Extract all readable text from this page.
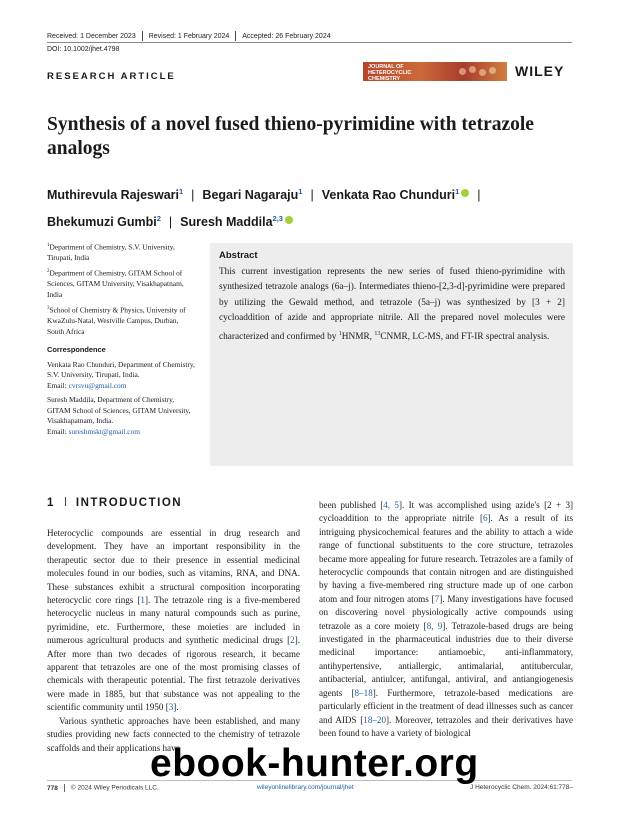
Received: 1 December 2023 Revised: 1 February 2024 Accepted: 26 February 2024
DOI: 10.1002/jhet.4798
RESEARCH ARTICLE
JOURNAL OF HETEROCYCLIC CHEMISTRY	WILEY
Synthesis of a novel fused thieno-pyrimidine with tetrazole analogs
Muthirevula Rajeswari$^1$ | Begari Nagaraju$^1$ | Venkata Rao Chunduri$^1$ |
Bhekumuzi Gumbi$^2$ | Suresh Maddila$^{2,3}$

$^1$Department of Chemistry, S.V. University, Tirupati, India

$^2$Department of Chemistry, GITAM School of Sciences, GITAM University, Visakhapatnam, India

$^3$School of Chemistry & Physics, University of KwaZulu-Natal, Westville Campus, Durban, South Africa

Correspondence

Venkata Rao Chunduri, Department of Chemistry, S.V. University, Tirupati, India.
Email: cvrsvu@gmail.com

Suresh Maddila, Department of Chemistry, GITAM School of Sciences, GITAM University, Visakhapatnam, India.
Email: sureshmskt@gmail.com

Abstract
This current investigation represents the new series of fused thieno-pyrimidine with synthesized tetrazole analogs (6a–j). Intermediates thieno-[2,3-d]-pyrimidine were prepared by utilizing the Gewald method, and tetrazole (5a–j) was synthesized by [3 + 2] cycloaddition of azide and appropriate nitrile. All the prepared novel molecules were characterized and confirmed by $^1$HNMR, $^{13}$CNMR, LC-MS, and FT-IR spectral analysis.
1 INTRODUCTION

Heterocyclic compounds are essential in drug research and development. They have an important responsibility in the therapeutic sector due to their presence in essential medicinal molecules found in our bodies, such as vitamins, RNA, and DNA. These substances exhibit a structural composition incorporating heterocyclic core rings [1]. The tetrazole ring is a five-membered heterocyclic nucleus in many natural compounds such as purine, pyrimidine, etc. Furthermore, these moieties are included in numerous agricultural products and synthetic medicinal drugs [2]. After more than two decades of rigorous research, it became apparent that tetrazoles are one of the most promising classes of chemicals with therapeutic potential. The first tetrazole derivatives were made in 1885, but that substance was not appealing to the scientific community until 1950 [3].

Various synthetic approaches have been established, and many studies providing new facts connected to the chemistry of tetrazole scaffolds and their applications have

been published [4, 5]. It was accomplished using azide's [2 + 3] cycloaddition to the appropriate nitrile [6]. As a result of its intriguing physicochemical features and the ability to attach a wide range of functional substituents to the core structure, tetrazoles became more appealing for future research. Tetrazoles are a family of heterocyclic compounds that contain nitrogen and are distinguished by having a five-membered ring structure made up of one carbon atom and four nitrogen atoms [7]. Many investigations have focused on discovering novel physiologically active compounds using tetrazole as a core moiety [8, 9]. Tetrazole-based drugs are being investigated in the pharmaceutical industries due to their diverse medicinal importance: antiamoebic, anti-inflammatory, antihypertensive, antiallergic, antimalarial, antitubercular, antibacterial, antiulcer, antifungal, antiviral, and antiangiogenesis agents [8–18]. Furthermore, tetrazole-based medications are particularly efficient in the treatment of dead illnesses such as cancer and AIDS [18–20]. Moreover, tetrazoles and their derivatives have been found to have a variety of biological

778 © 2024 Wiley Periodicals LLC.	wileyonlinelibrary.com/journal/jhet	J Heterocyclic Chem. 2024;61:778–
ebook-hunter.org
